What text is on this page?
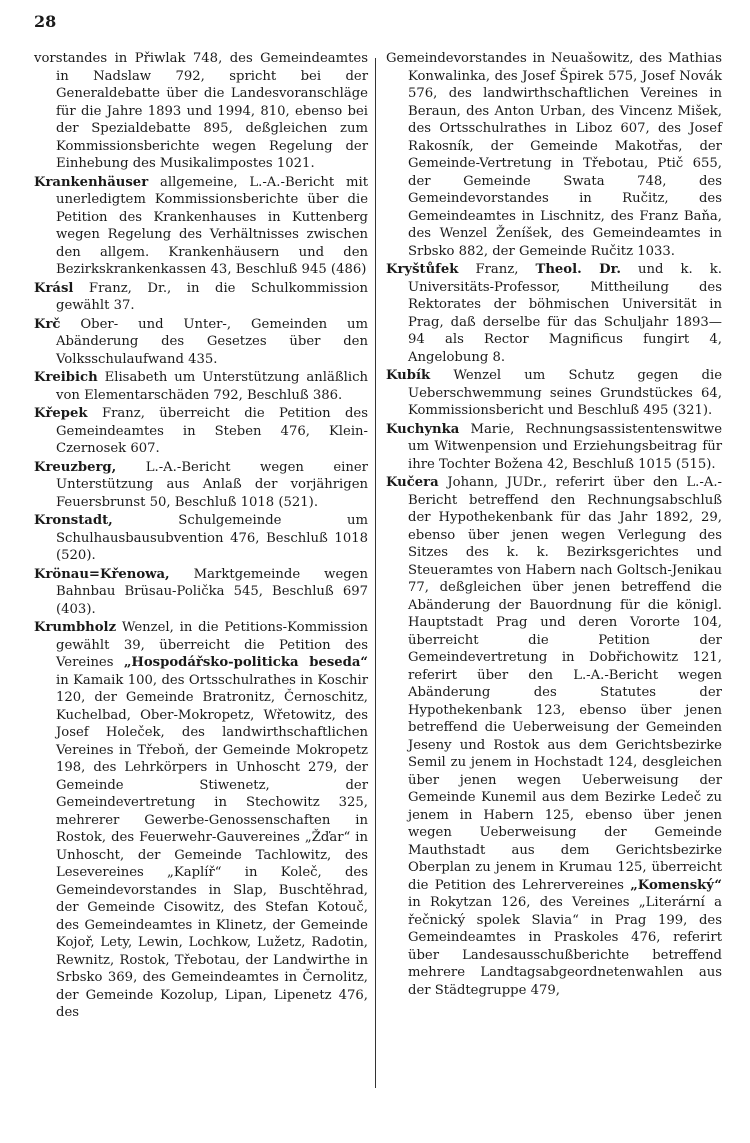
28

vorstandes in Přiwlak 748, des Gemeindeamtes in Nadslaw 792, spricht bei der Generaldebatte über die Landesvoranschläge für die Jahre 1893 und 1994, 810, ebenso bei der Spezialdebatte 895, deßgleichen zum Kommissionsberichte wegen Regelung der Einhebung des Musikalimpostes 1021.

Krankenhäuser allgemeine, L.-A.-Bericht mit unerledigtem Kommissionsberichte über die Petition des Krankenhauses in Kuttenberg wegen Regelung des Verhältnisses zwischen den allgem. Krankenhäusern und den Bezirkskrankenkassen 43, Beschluß 945 (486)

Krásl Franz, Dr., in die Schulkommission gewählt 37.

Krč Ober- und Unter-, Gemeinden um Abänderung des Gesetzes über den Volksschulaufwand 435.

Kreibich Elisabeth um Unterstützung anläßlich von Elementarschäden 792, Beschluß 386.

Křepek Franz, überreicht die Petition des Gemeindeamtes in Steben 476, Klein-Czernosek 607.

Kreuzberg, L.-A.-Bericht wegen einer Unterstützung aus Anlaß der vorjährigen Feuersbrunst 50, Beschluß 1018 (521).

Kronstadt, Schulgemeinde um Schulhausbausubvention 476, Beschluß 1018 (520).

Krönau=Křenowa, Marktgemeinde wegen Bahnbau Brüsau-Polička 545, Beschluß 697 (403).

Krumbholz Wenzel, in die Petitions-Kommission gewählt 39, überreicht die Petition des Vereines „Hospodářsko-politicka beseda“ in Kamaik 100, des Ortsschulrathes in Koschir 120, der Gemeinde Bratronitz, Černoschitz, Kuchelbad, Ober-Mokropetz, Wřetowitz, des Josef Holeček, des landwirthschaftlichen Vereines in Třeboň, der Gemeinde Mokropetz 198, des Lehrkörpers in Unhoscht 279, der Gemeinde Stiwenetz, der Gemeindevertretung in Stechowitz 325, mehrerer Gewerbe-Genossenschaften in Rostok, des Feuerwehr-Gauvereines „Žďar“ in Unhoscht, der Gemeinde Tachlowitz, des Lesevereines „Kaplíř“ in Koleč, des Gemeindevorstandes in Slap, Buschtěhrad, der Gemeinde Cisowitz, des Stefan Kotouč, des Gemeindeamtes in Klinetz, der Gemeinde Kojoř, Lety, Lewin, Lochkow, Lužetz, Radotin, Rewnitz, Rostok, Třebotau, der Landwirthe in Srbsko 369, des Gemeindeamtes in Černolitz, der Gemeinde Kozolup, Lipan, Lipenetz 476, des

Gemeindevorstandes in Neuašowitz, des Mathias Konwalinka, des Josef Špirek 575, Josef Novák 576, des landwirthschaftlichen Vereines in Beraun, des Anton Urban, des Vincenz Mišek, des Ortsschulrathes in Liboz 607, des Josef Rakosník, der Gemeinde Makotřas, der Gemeinde-Vertretung in Třebotau, Ptič 655, der Gemeinde Swata 748, des Gemeindevorstandes in Ručitz, des Gemeindeamtes in Lischnitz, des Franz Baňa, des Wenzel Ženíšek, des Gemeindeamtes in Srbsko 882, der Gemeinde Ručitz 1033.

Kryštůfek Franz, Theol. Dr. und k. k. Universitäts-Professor, Mittheilung des Rektorates der böhmischen Universität in Prag, daß derselbe für das Schuljahr 1893—94 als Rector Magnificus fungirt 4, Angelobung 8.

Kubík Wenzel um Schutz gegen die Ueberschwemmung seines Grundstückes 64, Kommissionsbericht und Beschluß 495 (321).

Kuchynka Marie, Rechnungsassistentenswitwe um Witwenpension und Erziehungsbeitrag für ihre Tochter Božena 42, Beschluß 1015 (515).

Kučera Johann, JUDr., referirt über den L.-A.-Bericht betreffend den Rechnungsabschluß der Hypothekenbank für das Jahr 1892, 29, ebenso über jenen wegen Verlegung des Sitzes des k. k. Bezirksgerichtes und Steueramtes von Habern nach Goltsch-Jenikau 77, deßgleichen über jenen betreffend die Abänderung der Bauordnung für die königl. Hauptstadt Prag und deren Vororte 104, überreicht die Petition der Gemeindevertretung in Dobřichowitz 121, referirt über den L.-A.-Bericht wegen Abänderung des Statutes der Hypothekenbank 123, ebenso über jenen betreffend die Ueberweisung der Gemeinden Jeseny und Rostok aus dem Gerichtsbezirke Semil zu jenem in Hochstadt 124, desgleichen über jenen wegen Ueberweisung der Gemeinde Kunemil aus dem Bezirke Ledeč zu jenem in Habern 125, ebenso über jenen wegen Ueberweisung der Gemeinde Mauthstadt aus dem Gerichtsbezirke Oberplan zu jenem in Krumau 125, überreicht die Petition des Lehrervereines „Komenský“ in Rokytzan 126, des Vereines „Literární a řečnický spolek Slavia“ in Prag 199, des Gemeindeamtes in Praskoles 476, referirt über Landesausschußberichte betreffend mehrere Landtagsabgeordnetenwahlen aus der Städtegruppe 479,
